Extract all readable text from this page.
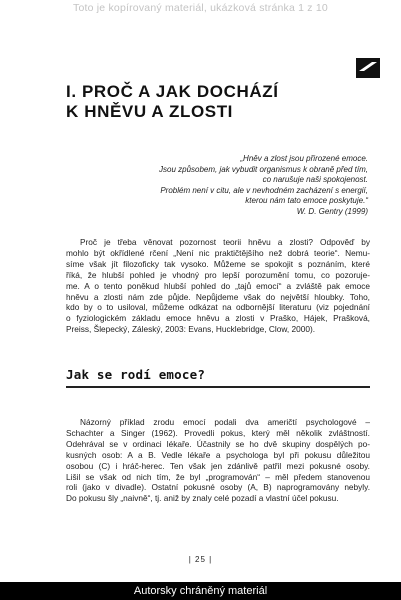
Toto je kopírovaný materiál, ukázková stránka 1 z 10
I. PROČ A JAK DOCHÁZÍ
K HNĚVU A ZLOSTI
„Hněv a zlost jsou přirozené emoce.
Jsou způsobem, jak vybudit organismus k obraně před tím,
co narušuje naši spokojenost.
Problém není v citu, ale v nevhodném zacházení s energií,
kterou nám tato emoce poskytuje.“
W. D. Gentry (1999)
Proč je třeba věnovat pozornost teorii hněvu a zlosti? Odpověď by
mohlo být okřídlené rčení „Není nic praktičtějšího než dobrá teorie“. Nemu-
síme však jít filozoficky tak vysoko. Můžeme se spokojit s poznáním, které
říká, že hlubší pohled je vhodný pro lepší porozumění tomu, co pozoruje-
me. A o tento poněkud hlubší pohled do „tajů emocí“ a zvláště pak emoce
hněvu a zlosti nám zde půjde. Nepůjdeme však do největší hloubky. Toho,
kdo by o to usiloval, můžeme odkázat na odbornější literaturu (viz pojednání
o fyziologickém základu emoce hněvu a zlosti v Praško, Hájek, Prašková,
Preiss, Šlepecký, Záleský, 2003: Evans, Hucklebridge, Clow, 2000).
Jak se rodí emoce?
Názorný příklad zrodu emocí podali dva američtí psychologové –
Schachter a Singer (1962). Provedli pokus, který měl několik zvláštností.
Odehrával se v ordinaci lékaře. Účastnily se ho dvě skupiny dospělých po-
kusných osob: A a B. Vedle lékaře a psychologa byl při pokusu důležitou
osobou (C) i hráč-herec. Ten však jen zdánlivě patřil mezi pokusné osoby.
Lišil se však od nich tím, že byl „programován“ – měl předem stanovenou
roli (jako v divadle). Ostatní pokusné osoby (A, B) naprogramovány nebyly.
Do pokusu šly „naivně“, tj. aniž by znaly celé pozadí a vlastní účel pokusu.
| 25 |
Autorsky chráněný materiál
